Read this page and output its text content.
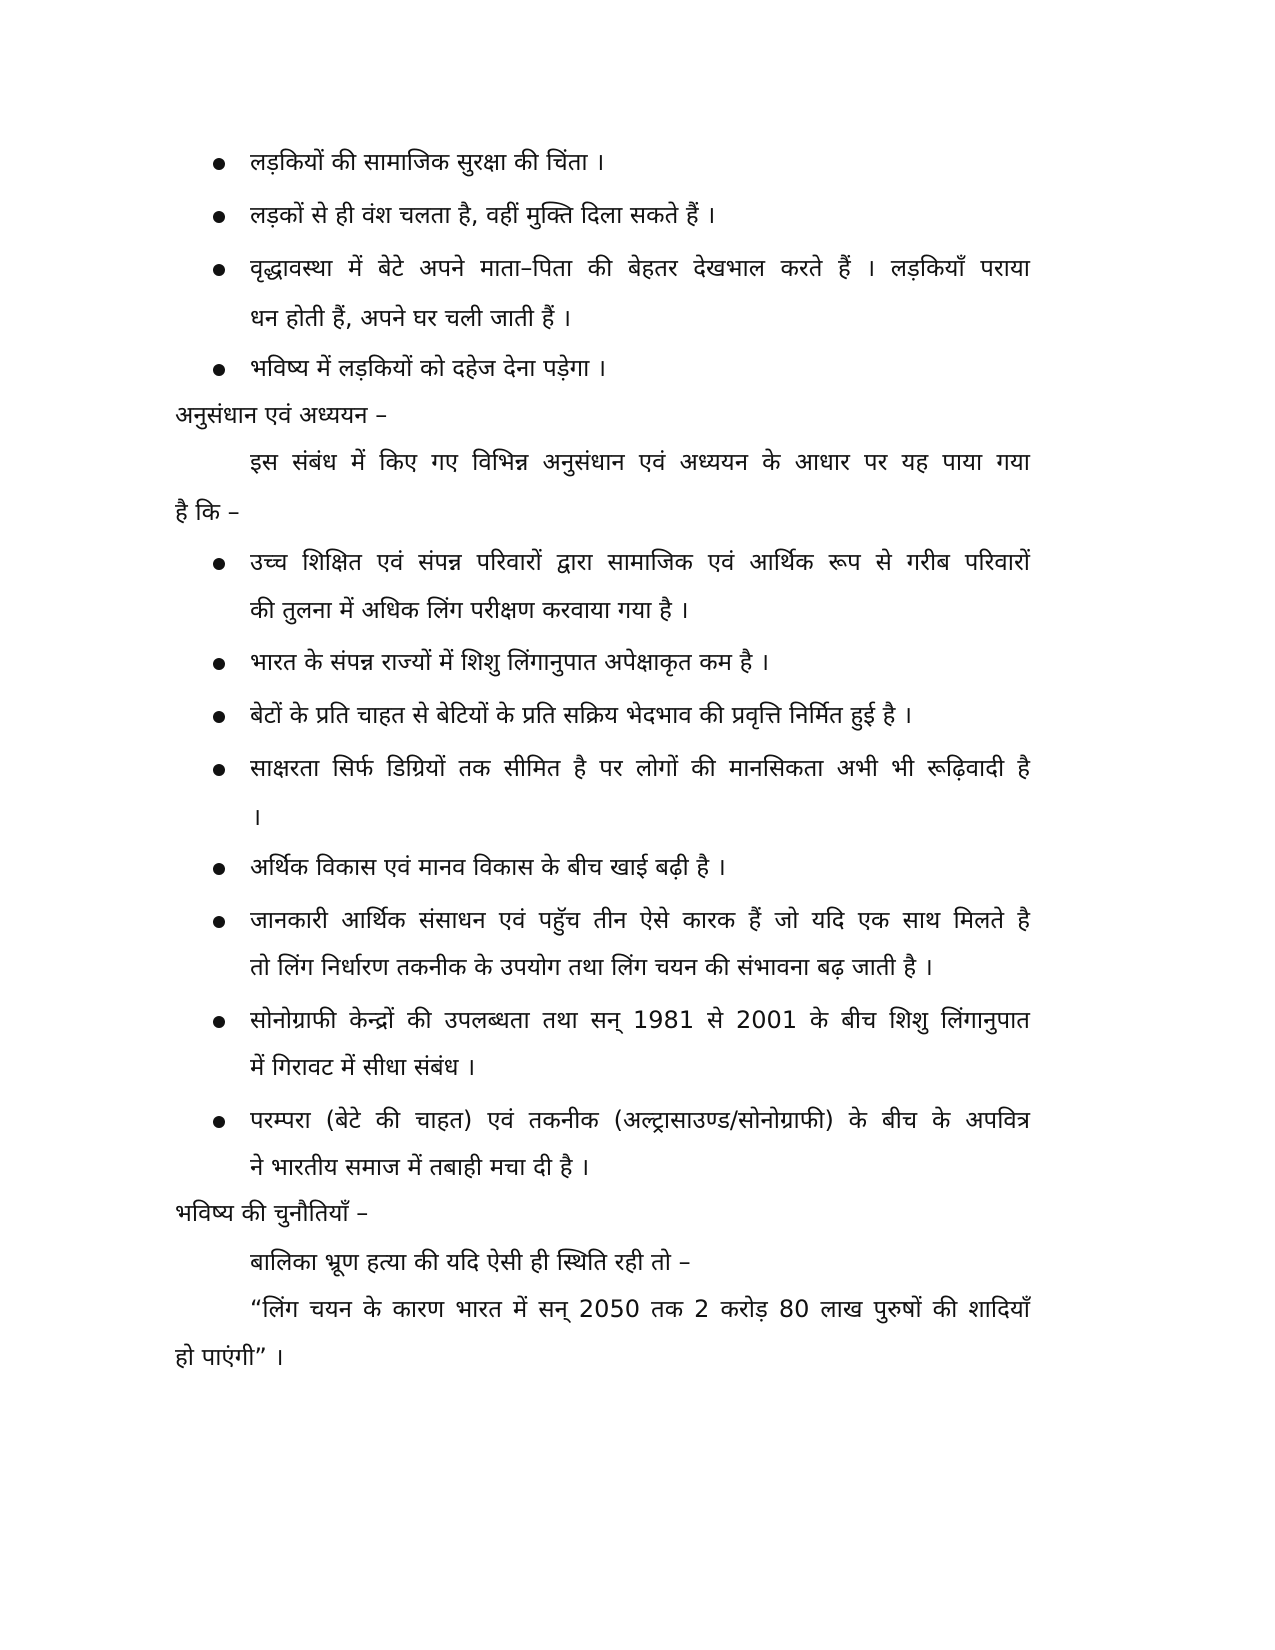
लड़कियों की सामाजिक सुरक्षा की चिंता ।
लड़कों से ही वंश चलता है, वहीं मुक्ति दिला सकते हैं ।
वृद्धावस्था में बेटे अपने माता–पिता की बेहतर देखभाल करते हैं । लड़कियॉं पराया
धन होती हैं, अपने घर चली जाती हैं ।
भविष्य में लड़कियों को दहेज देना पड़ेगा ।
अनुसंधान एवं अध्ययन –
इस संबंध में किए गए विभिन्न अनुसंधान एवं अध्ययन के आधार पर यह पाया गया
है कि –
उच्च शिक्षित एवं संपन्न परिवारों द्वारा सामाजिक एवं आर्थिक रूप से गरीब परिवारों
की तुलना में अधिक लिंग परीक्षण करवाया गया है ।
भारत के संपन्न राज्यों में शिशु लिंगानुपात अपेक्षाकृत कम है ।
बेटों के प्रति चाहत से बेटियों के प्रति सक्रिय भेदभाव की प्रवृत्ति निर्मित हुई है ।
साक्षरता सिर्फ डिग्रियों तक सीमित है पर लोगों की मानसिकता अभी भी रूढ़िवादी है
।
अर्थिक विकास एवं मानव विकास के बीच खाई बढ़ी है ।
जानकारी आर्थिक संसाधन एवं पहुॅच तीन ऐसे कारक हैं जो यदि एक साथ मिलते है
तो लिंग निर्धारण तकनीक के उपयोग तथा लिंग चयन की संभावना बढ़ जाती है ।
सोनोग्राफी केन्द्रों की उपलब्धता तथा सन् 1981 से 2001 के बीच शिशु लिंगानुपात
में गिरावट में सीधा संबंध ।
परम्परा (बेटे की चाहत) एवं तकनीक (अल्ट्रासाउण्ड/सोनोग्राफी) के बीच के अपवित्र
ने भारतीय समाज में तबाही मचा दी है ।
भविष्य की चुनौतियॉं –
बालिका भ्रूण हत्या की यदि ऐसी ही स्थिति रही तो –
“लिंग चयन के कारण भारत में सन् 2050 तक 2 करोड़ 80 लाख पुरुषों की शादियॉं
हो पाएंगी” ।
